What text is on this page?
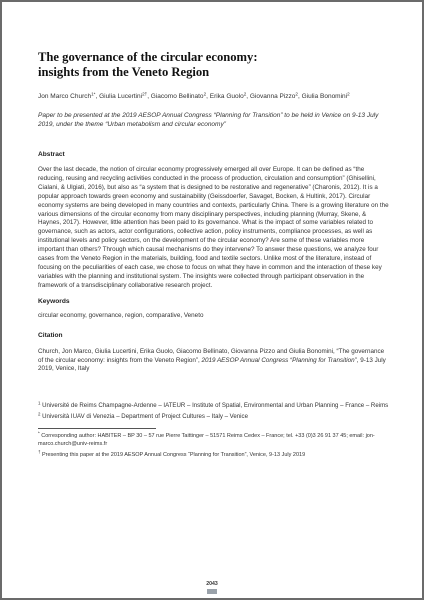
The governance of the circular economy:
insights from the Veneto Region
Jon Marco Church$^{1*}$, Giulia Lucertini$^{2\dagger}$, Giacomo Bellinato$^2$, Erika Guolo$^2$, Giovanna Pizzo$^2$, Giulia Bonomini$^2$
Paper to be presented at the 2019 AESOP Annual Congress “Planning for Transition” to be held in Venice on 9-13 July 2019, under the theme “Urban metabolism and circular economy”
Abstract
Over the last decade, the notion of circular economy progressively emerged all over Europe. It can be defined as “the reducing, reusing and recycling activities conducted in the process of production, circulation and consumption” (Ghisellini, Cialani, & Ulgiati, 2016), but also as “a system that is designed to be restorative and regenerative” (Charonis, 2012). It is a popular approach towards green economy and sustainability (Geissdoerfer, Savaget, Bocken, & Hultink, 2017). Circular economy systems are being developed in many countries and contexts, particularly China. There is a growing literature on the various dimensions of the circular economy from many disciplinary perspectives, including planning (Murray, Skene, & Haynes, 2017). However, little attention has been paid to its governance. What is the impact of some variables related to governance, such as actors, actor configurations, collective action, policy instruments, compliance processes, as well as institutional levels and policy sectors, on the development of the circular economy? Are some of these variables more important than others? Through which causal mechanisms do they intervene? To answer these questions, we analyze four cases from the Veneto Region in the materials, building, food and textile sectors. Unlike most of the literature, instead of focusing on the peculiarities of each case, we chose to focus on what they have in common and the interaction of these key variables with the planning and institutional system. The insights were collected through participant observation in the framework of a transdisciplinary collaborative research project.
Keywords
circular economy, governance, region, comparative, Veneto
Citation
Church, Jon Marco, Giulia Lucertini, Erika Guolo, Giacomo Bellinato, Giovanna Pizzo and Giulia Bonomini, “The governance of the circular economy: insights from the Veneto Region”, 2019 AESOP Annual Congress “Planning for Transition”, 9-13 July 2019, Venice, Italy
$^1$ Université de Reims Champagne-Ardenne – IATEUR – Institute of Spatial, Environmental and Urban Planning – France – Reims
$^2$ Università IUAV di Venezia – Department of Project Cultures – Italy – Venice
* Corresponding author: HABITER – BP 30 – 57 rue Pierre Taittinger – 51571 Reims Cedex – France; tel. +33 (0)3 26 91 37 45; email: jon-marco.church@univ-reims.fr
† Presenting this paper at the 2019 AESOP Annual Congress “Planning for Transition”, Venice, 9-13 July 2019
2043
